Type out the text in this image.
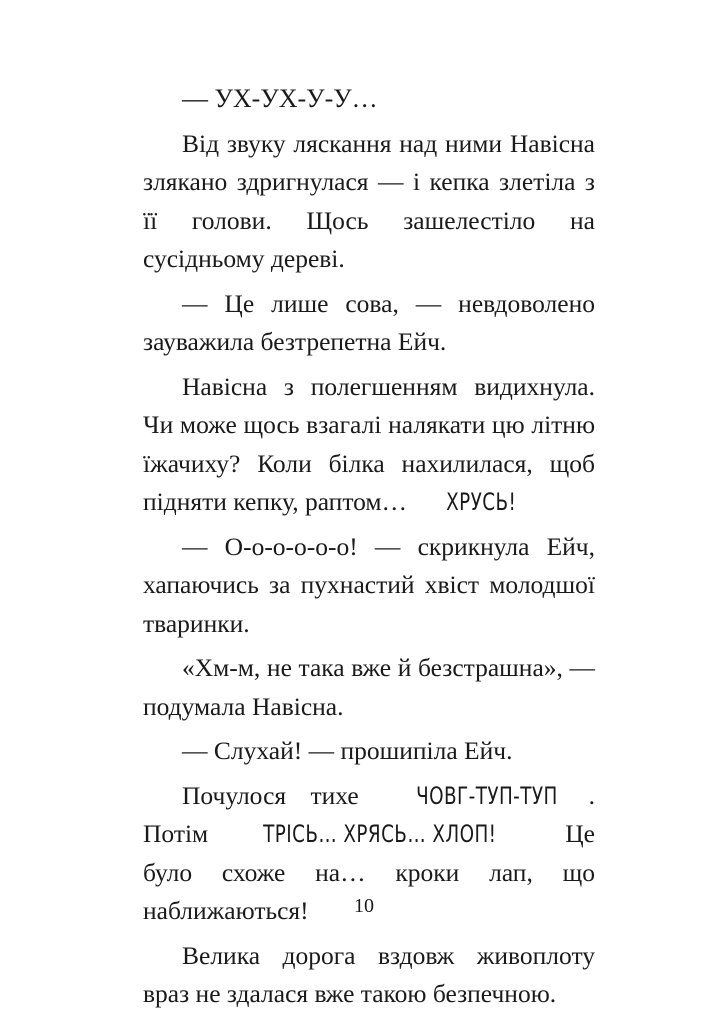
— УХ-УХ-У-У…

Від звуку ляскання над ними Навісна злякано здригнулася — і кепка злетіла з її голови. Щось зашелестіло на сусідньому дереві.

— Це лише сова, — невдоволено зауважила безтрепетна Ейч.

Навісна з полегшенням видихнула. Чи може щось взагалі налякати цю літню їжачиху? Коли білка нахилилася, щоб підняти кепку, раптом… ХРУСЬ!

— О-о-о-о-о-о! — скрикнула Ейч, хапаючись за пухнастий хвіст молодшої тваринки.

«Хм-м, не така вже й безстрашна», — подумала Навісна.

— Слухай! — прошипіла Ейч.

Почулося тихе ЧОВГ-ТУП-ТУП . Потім ТРІСЬ… ХРЯСЬ… ХЛОП! Це було схоже на… кроки лап, що наближаються!

Велика дорога вздовж живоплоту враз не здалася вже такою безпечною.

10
